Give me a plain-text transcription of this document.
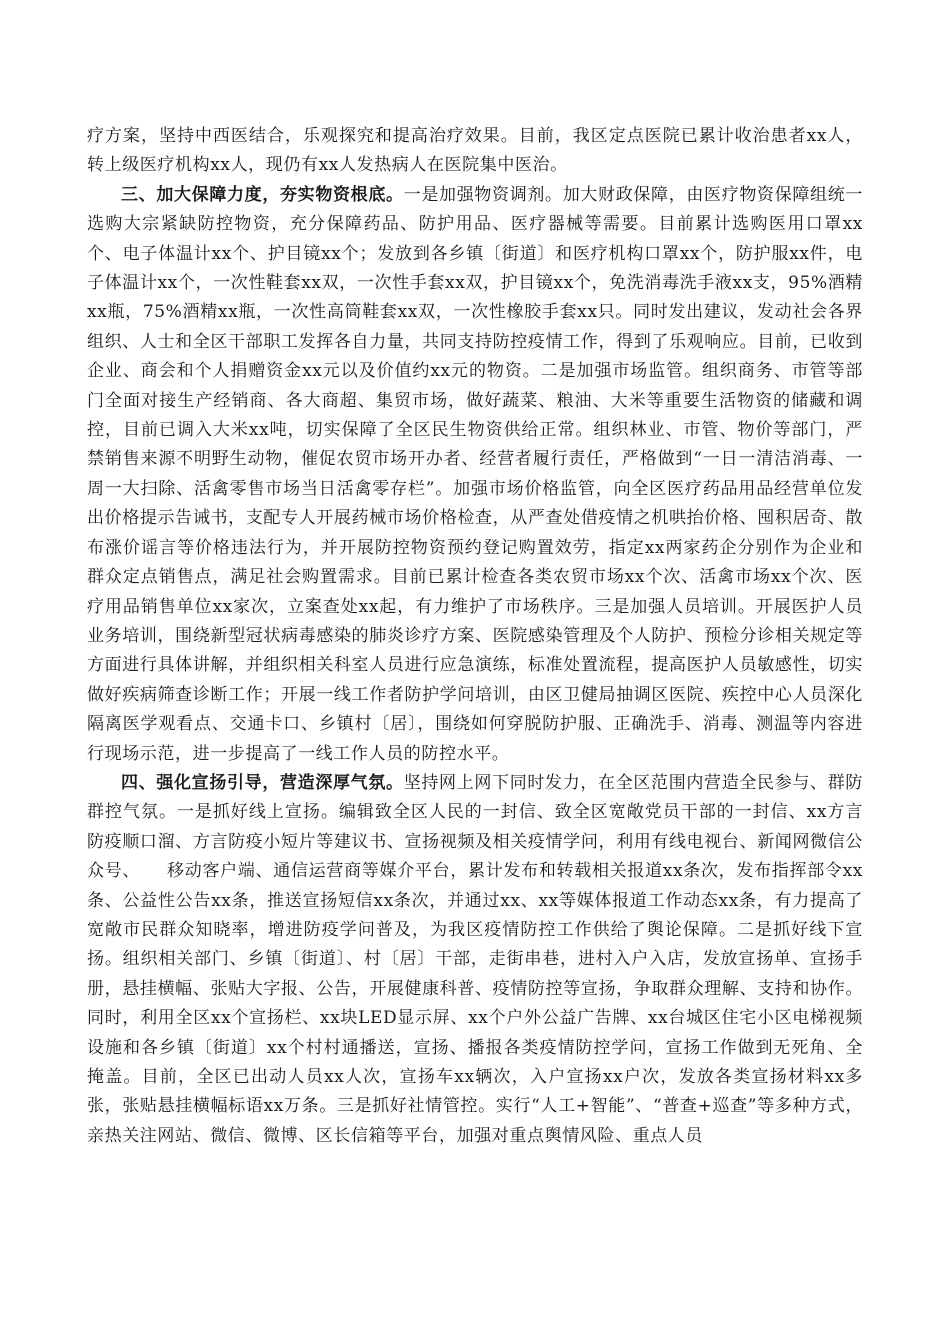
疗方案，坚持中西医结合，乐观探究和提高治疗效果。目前，我区定点医院已累计收治患者xx人，转上级医疗机构xx人，现仍有xx人发热病人在医院集中医治。

三、加大保障力度，夯实物资根底。一是加强物资调剂。加大财政保障，由医疗物资保障组统一选购大宗紧缺防控物资，充分保障药品、防护用品、医疗器械等需要。目前累计选购医用口罩xx个、电子体温计xx个、护目镜xx个；发放到各乡镇〔街道〕和医疗机构口罩xx个，防护服xx件，电子体温计xx个，一次性鞋套xx双，一次性手套xx双，护目镜xx个，免洗消毒洗手液xx支，95%酒精xx瓶，75%酒精xx瓶，一次性高筒鞋套xx双，一次性橡胶手套xx只。同时发出建议，发动社会各界组织、人士和全区干部职工发挥各自力量，共同支持防控疫情工作，得到了乐观响应。目前，已收到企业、商会和个人捐赠资金xx元以及价值约xx元的物资。二是加强市场监管。组织商务、市管等部门全面对接生产经销商、各大商超、集贸市场，做好蔬菜、粮油、大米等重要生活物资的储藏和调控，目前已调入大米xx吨，切实保障了全区民生物资供给正常。组织林业、市管、物价等部门，严禁销售来源不明野生动物，催促农贸市场开办者、经营者履行责任，严格做到“一日一清洁消毒、一周一大扫除、活禽零售市场当日活禽零存栏”。加强市场价格监管，向全区医疗药品用品经营单位发出价格提示告诫书，支配专人开展药械市场价格检查，从严查处借疫情之机哄抬价格、囤积居奇、散布涨价谣言等价格违法行为，并开展防控物资预约登记购置效劳，指定xx两家药企分别作为企业和群众定点销售点，满足社会购置需求。目前已累计检查各类农贸市场xx个次、活禽市场xx个次、医疗用品销售单位xx家次，立案查处xx起，有力维护了市场秩序。三是加强人员培训。开展医护人员业务培训，围绕新型冠状病毒感染的肺炎诊疗方案、医院感染管理及个人防护、预检分诊相关规定等方面进行具体讲解，并组织相关科室人员进行应急演练，标准处置流程，提高医护人员敏感性，切实做好疾病筛查诊断工作；开展一线工作者防护学问培训，由区卫健局抽调区医院、疾控中心人员深化隔离医学观看点、交通卡口、乡镇村〔居〕，围绕如何穿脱防护服、正确洗手、消毒、测温等内容进行现场示范，进一步提高了一线工作人员的防控水平。

四、强化宣扬引导，营造深厚气氛。坚持网上网下同时发力，在全区范围内营造全民参与、群防群控气氛。一是抓好线上宣扬。编辑致全区人民的一封信、致全区宽敞党员干部的一封信、xx方言防疫顺口溜、方言防疫小短片等建议书、宣扬视频及相关疫情学问，利用有线电视台、新闻网微信公众号、　　移动客户端、通信运营商等媒介平台，累计发布和转载相关报道xx条次，发布指挥部令xx条、公益性公告xx条，推送宣扬短信xx条次，并通过xx、xx等媒体报道工作动态xx条，有力提高了宽敞市民群众知晓率，增进防疫学问普及，为我区疫情防控工作供给了舆论保障。二是抓好线下宣扬。组织相关部门、乡镇〔街道〕、村〔居〕干部，走街串巷，进村入户入店，发放宣扬单、宣扬手册，悬挂横幅、张贴大字报、公告，开展健康科普、疫情防控等宣扬，争取群众理解、支持和协作。同时，利用全区xx个宣扬栏、xx块LED显示屏、xx个户外公益广告牌、xx台城区住宅小区电梯视频设施和各乡镇〔街道〕xx个村村通播送，宣扬、播报各类疫情防控学问，宣扬工作做到无死角、全掩盖。目前，全区已出动人员xx人次，宣扬车xx辆次，入户宣扬xx户次，发放各类宣扬材料xx多张，张贴悬挂横幅标语xx万条。三是抓好社情管控。实行“人工+智能”、“普查+巡查”等多种方式，亲热关注网站、微信、微博、区长信箱等平台，加强对重点舆情风险、重点人员
